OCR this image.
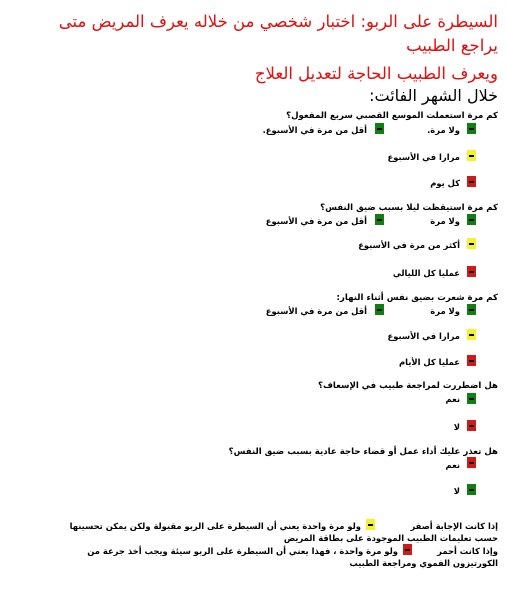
السيطرة على الربو: اختبار شخصي من خلاله يعرف المريض متى
يراجع الطبيب
ويعرف الطبيب الحاجة لتعديل العلاج
خلال الشهر الفائت:
كم مرة استعملت الموسع القصبي سريع المفعول؟
ولا مرة.
أقل من مرة في الأسبوع.
مرارا في الأسبوع
كل يوم
كم مرة استيقظت ليلا بسبب ضيق النفس؟
ولا مرة
أقل من مرة في الأسبوع
أكثر من مرة في الأسبوع
عمليا كل الليالي
كم مرة شعرت بضيق نفس أثناء النهار:
ولا مرة
أقل من مرة في الأسبوع
مرارا في الأسبوع
عمليا كل الأيام
هل اضطررت لمراجعة طبيب في الإسعاف؟
نعم
لا
هل تعذر عليك أداء عمل أو قضاء حاجة عادية بسبب ضيق النفس؟
نعم
لا
إذا كانت الإجابة أصفر
ولو مرة واحدة يعني أن السيطرة على الربو مقبولة ولكن يمكن تحسينها
حسب تعليمات الطبيب الموجودة على بطاقة المريض
وإذا كانت أحمر
ولو مرة واحدة ، فهذا يعني أن السيطرة على الربو سيئة ويجب أخذ جرعة من
الكورتيزون الفموي ومراجعة الطبيب
